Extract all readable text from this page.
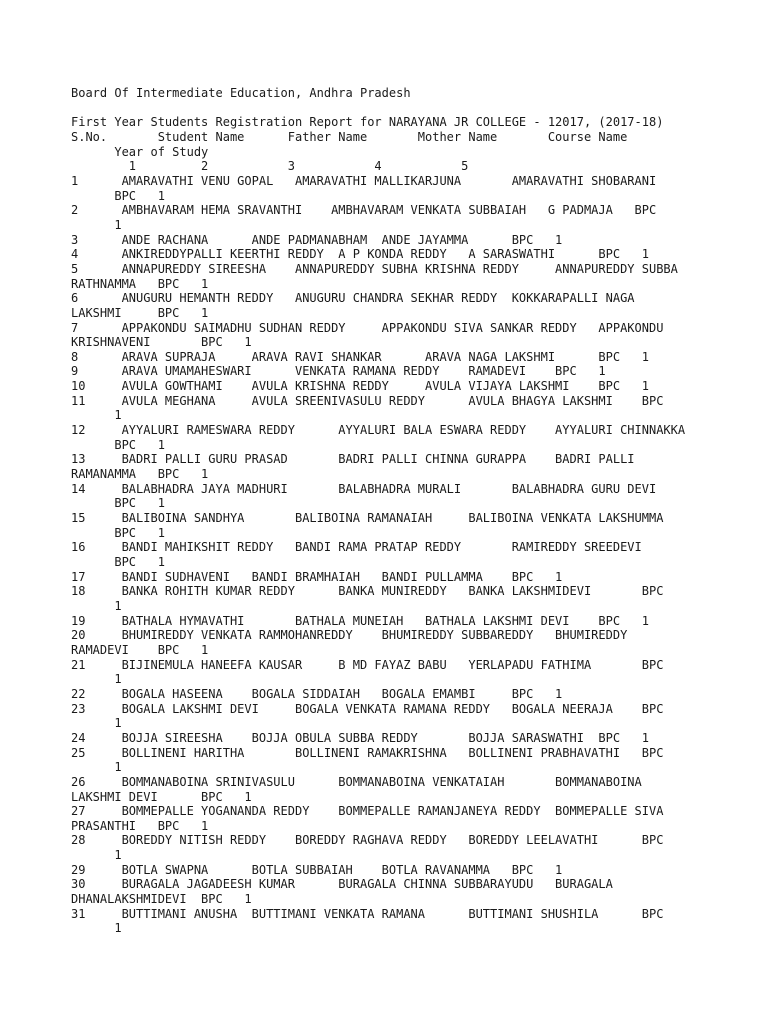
Board Of Intermediate Education, Andhra Pradesh

First Year Students Registration Report for NARAYANA JR COLLEGE - 12017, (2017-18)
S.No.       Student Name      Father Name       Mother Name       Course Name
Year of Study
1         2           3           4           5
1      AMARAVATHI VENU GOPAL   AMARAVATHI MALLIKARJUNA       AMARAVATHI SHOBARANI
BPC   1
2      AMBHAVARAM HEMA SRAVANTHI    AMBHAVARAM VENKATA SUBBAIAH   G PADMAJA   BPC
1
3      ANDE RACHANA      ANDE PADMANABHAM  ANDE JAYAMMA      BPC   1
4      ANKIREDDYPALLI KEERTHI REDDY  A P KONDA REDDY   A SARASWATHI      BPC   1
5      ANNAPUREDDY SIREESHA    ANNAPUREDDY SUBHA KRISHNA REDDY     ANNAPUREDDY SUBBA
RATHNAMMA   BPC   1
6      ANUGURU HEMANTH REDDY   ANUGURU CHANDRA SEKHAR REDDY  KOKKARAPALLI NAGA
LAKSHMI     BPC   1
7      APPAKONDU SAIMADHU SUDHAN REDDY     APPAKONDU SIVA SANKAR REDDY   APPAKONDU
KRISHNAVENI       BPC   1
8      ARAVA SUPRAJA     ARAVA RAVI SHANKAR      ARAVA NAGA LAKSHMI      BPC   1
9      ARAVA UMAMAHESWARI      VENKATA RAMANA REDDY    RAMADEVI    BPC   1
10     AVULA GOWTHAMI    AVULA KRISHNA REDDY     AVULA VIJAYA LAKSHMI    BPC   1
11     AVULA MEGHANA     AVULA SREENIVASULU REDDY      AVULA BHAGYA LAKSHMI    BPC
1
12     AYYALURI RAMESWARA REDDY      AYYALURI BALA ESWARA REDDY    AYYALURI CHINNAKKA
BPC   1
13     BADRI PALLI GURU PRASAD       BADRI PALLI CHINNA GURAPPA    BADRI PALLI
RAMANAMMA   BPC   1
14     BALABHADRA JAYA MADHURI       BALABHADRA MURALI       BALABHADRA GURU DEVI
BPC   1
15     BALIBOINA SANDHYA       BALIBOINA RAMANAIAH     BALIBOINA VENKATA LAKSHUMMA
BPC   1
16     BANDI MAHIKSHIT REDDY   BANDI RAMA PRATAP REDDY       RAMIREDDY SREEDEVI
BPC   1
17     BANDI SUDHAVENI   BANDI BRAMHAIAH   BANDI PULLAMMA    BPC   1
18     BANKA ROHITH KUMAR REDDY      BANKA MUNIREDDY   BANKA LAKSHMIDEVI       BPC
1
19     BATHALA HYMAVATHI       BATHALA MUNEIAH   BATHALA LAKSHMI DEVI    BPC   1
20     BHUMIREDDY VENKATA RAMMOHANREDDY    BHUMIREDDY SUBBAREDDY   BHUMIREDDY
RAMADEVI    BPC   1
21     BIJINEMULA HANEEFA KAUSAR     B MD FAYAZ BABU   YERLAPADU FATHIMA       BPC
1
22     BOGALA HASEENA    BOGALA SIDDAIAH   BOGALA EMAMBI     BPC   1
23     BOGALA LAKSHMI DEVI     BOGALA VENKATA RAMANA REDDY   BOGALA NEERAJA    BPC
1
24     BOJJA SIREESHA    BOJJA OBULA SUBBA REDDY       BOJJA SARASWATHI  BPC   1
25     BOLLINENI HARITHA       BOLLINENI RAMAKRISHNA   BOLLINENI PRABHAVATHI   BPC
1
26     BOMMANABOINA SRINIVASULU      BOMMANABOINA VENKATAIAH       BOMMANABOINA
LAKSHMI DEVI      BPC   1
27     BOMMEPALLE YOGANANDA REDDY    BOMMEPALLE RAMANJANEYA REDDY  BOMMEPALLE SIVA
PRASANTHI   BPC   1
28     BOREDDY NITISH REDDY    BOREDDY RAGHAVA REDDY   BOREDDY LEELAVATHI      BPC
1
29     BOTLA SWAPNA      BOTLA SUBBAIAH    BOTLA RAVANAMMA   BPC   1
30     BURAGALA JAGADEESH KUMAR      BURAGALA CHINNA SUBBARAYUDU   BURAGALA
DHANALAKSHMIDEVI  BPC   1
31     BUTTIMANI ANUSHA  BUTTIMANI VENKATA RAMANA      BUTTIMANI SHUSHILA      BPC
1
